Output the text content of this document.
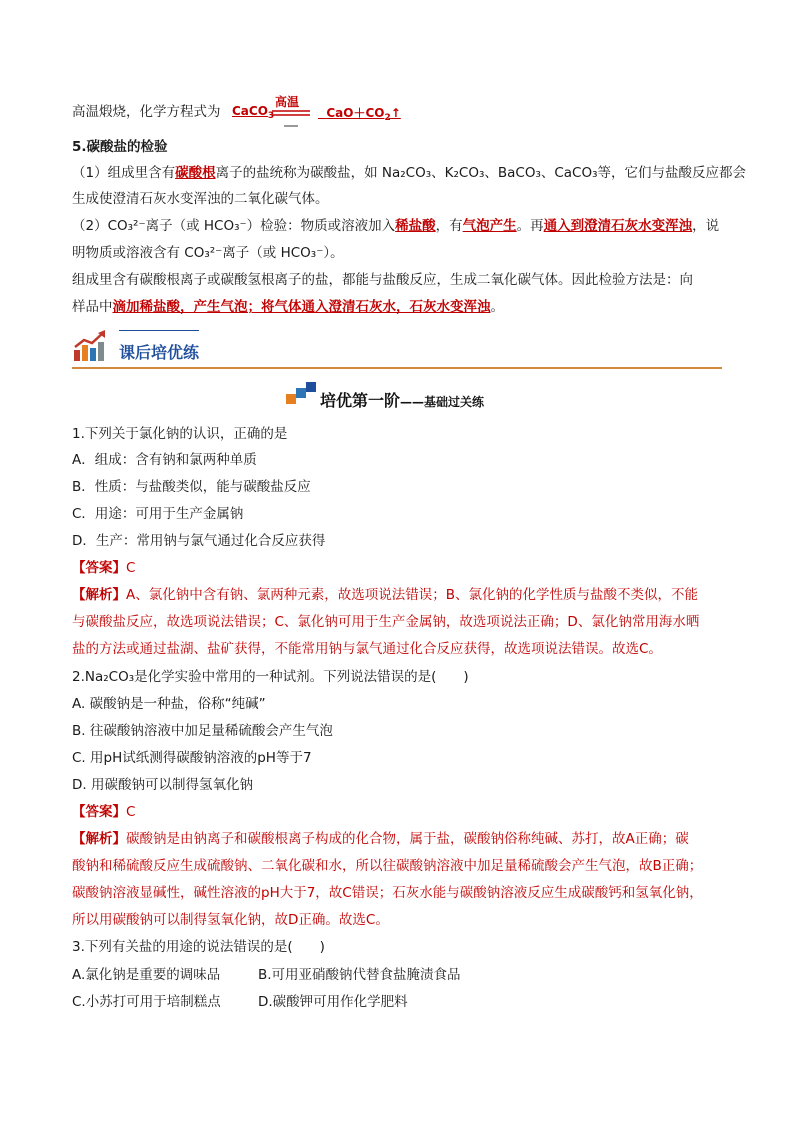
高温煅烧，化学方程式为 CaCO$_3$
高温
$CaO+CO_2↑$
5.碳酸盐的检验
（1）组成里含有碳酸根离子的盐统称为碳酸盐，如 Na₂CO₃、K₂CO₃、BaCO₃、CaCO₃等，它们与盐酸反应都会
生成使澄清石灰水变浑浊的二氧化碳气体。
（2）CO₃²⁻离子（或 HCO₃⁻）检验：物质或溶液加入稀盐酸，有气泡产生。再通入到澄清石灰水变浑浊，说
明物质或溶液含有 CO₃²⁻离子（或 HCO₃⁻）。
组成里含有碳酸根离子或碳酸氢根离子的盐，都能与盐酸反应，生成二氧化碳气体。因此检验方法是：向
样品中滴加稀盐酸，产生气泡；将气体通入澄清石灰水，石灰水变浑浊。
课后培优练
培优第一阶——基础过关练
1.下列关于氯化钠的认识，正确的是
A．组成：含有钠和氯两种单质
B．性质：与盐酸类似，能与碳酸盐反应
C．用途：可用于生产金属钠
D．生产：常用钠与氯气通过化合反应获得
【答案】C
【解析】A、氯化钠中含有钠、氯两种元素，故选项说法错误；B、氯化钠的化学性质与盐酸不类似，不能
与碳酸盐反应，故选项说法错误；C、氯化钠可用于生产金属钠，故选项说法正确；D、氯化钠常用海水晒
盐的方法或通过盐湖、盐矿获得，不能常用钠与氯气通过化合反应获得，故选项说法错误。故选C。
2.Na₂CO₃是化学实验中常用的一种试剂。下列说法错误的是(　　)
A. 碳酸钠是一种盐，俗称“纯碱”
B. 往碳酸钠溶液中加足量稀硫酸会产生气泡
C. 用pH试纸测得碳酸钠溶液的pH等于7
D. 用碳酸钠可以制得氢氧化钠
【答案】C
【解析】碳酸钠是由钠离子和碳酸根离子构成的化合物，属于盐，碳酸钠俗称纯碱、苏打，故A正确；碳
酸钠和稀硫酸反应生成硫酸钠、二氧化碳和水，所以往碳酸钠溶液中加足量稀硫酸会产生气泡，故B正确；
碳酸钠溶液显碱性，碱性溶液的pH大于7，故C错误；石灰水能与碳酸钠溶液反应生成碳酸钙和氢氧化钠，
所以用碳酸钠可以制得氢氧化钠，故D正确。故选C。
3.下列有关盐的用途的说法错误的是(　　)
A.氯化钠是重要的调味品	B.可用亚硝酸钠代替食盐腌渍食品
C.小苏打可用于培制糕点	D.碳酸钾可用作化学肥料
